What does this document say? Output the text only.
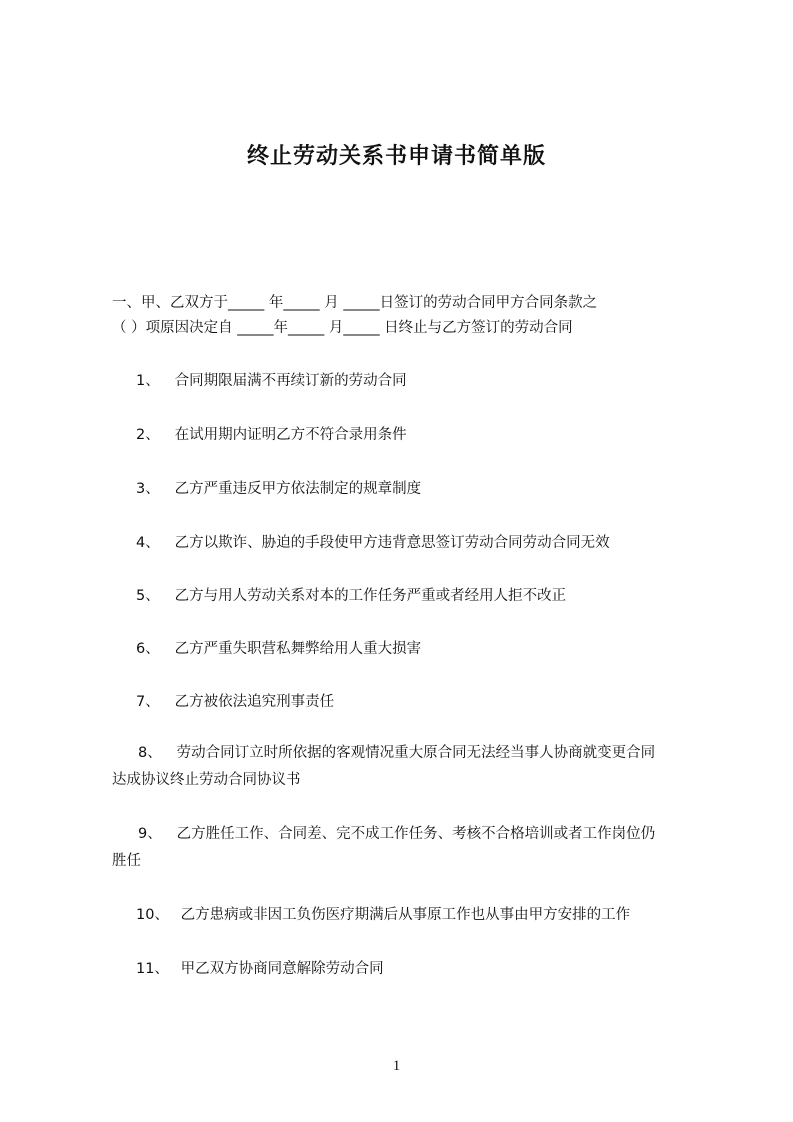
终止劳动关系书申请书简单版
一、甲、乙双方于_____ 年_____ 月 _____日签订的劳动合同甲方合同条款之
（ ）项原因决定自 _____年_____ 月_____ 日终止与乙方签订的劳动合同
1、 合同期限届满不再续订新的劳动合同
2、 在试用期内证明乙方不符合录用条件
3、 乙方严重违反甲方依法制定的规章制度
4、 乙方以欺诈、胁迫的手段使甲方违背意思签订劳动合同劳动合同无效
5、 乙方与用人劳动关系对本的工作任务严重或者经用人拒不改正
6、 乙方严重失职营私舞弊给用人重大损害
7、 乙方被依法追究刑事责任
8、 劳动合同订立时所依据的客观情况重大原合同无法经当事人协商就变更合同
达成协议终止劳动合同协议书
9、 乙方胜任工作、合同差、完不成工作任务、考核不合格培训或者工作岗位仍
胜任
10、 乙方患病或非因工负伤医疗期满后从事原工作也从事由甲方安排的工作
11、 甲乙双方协商同意解除劳动合同
1
